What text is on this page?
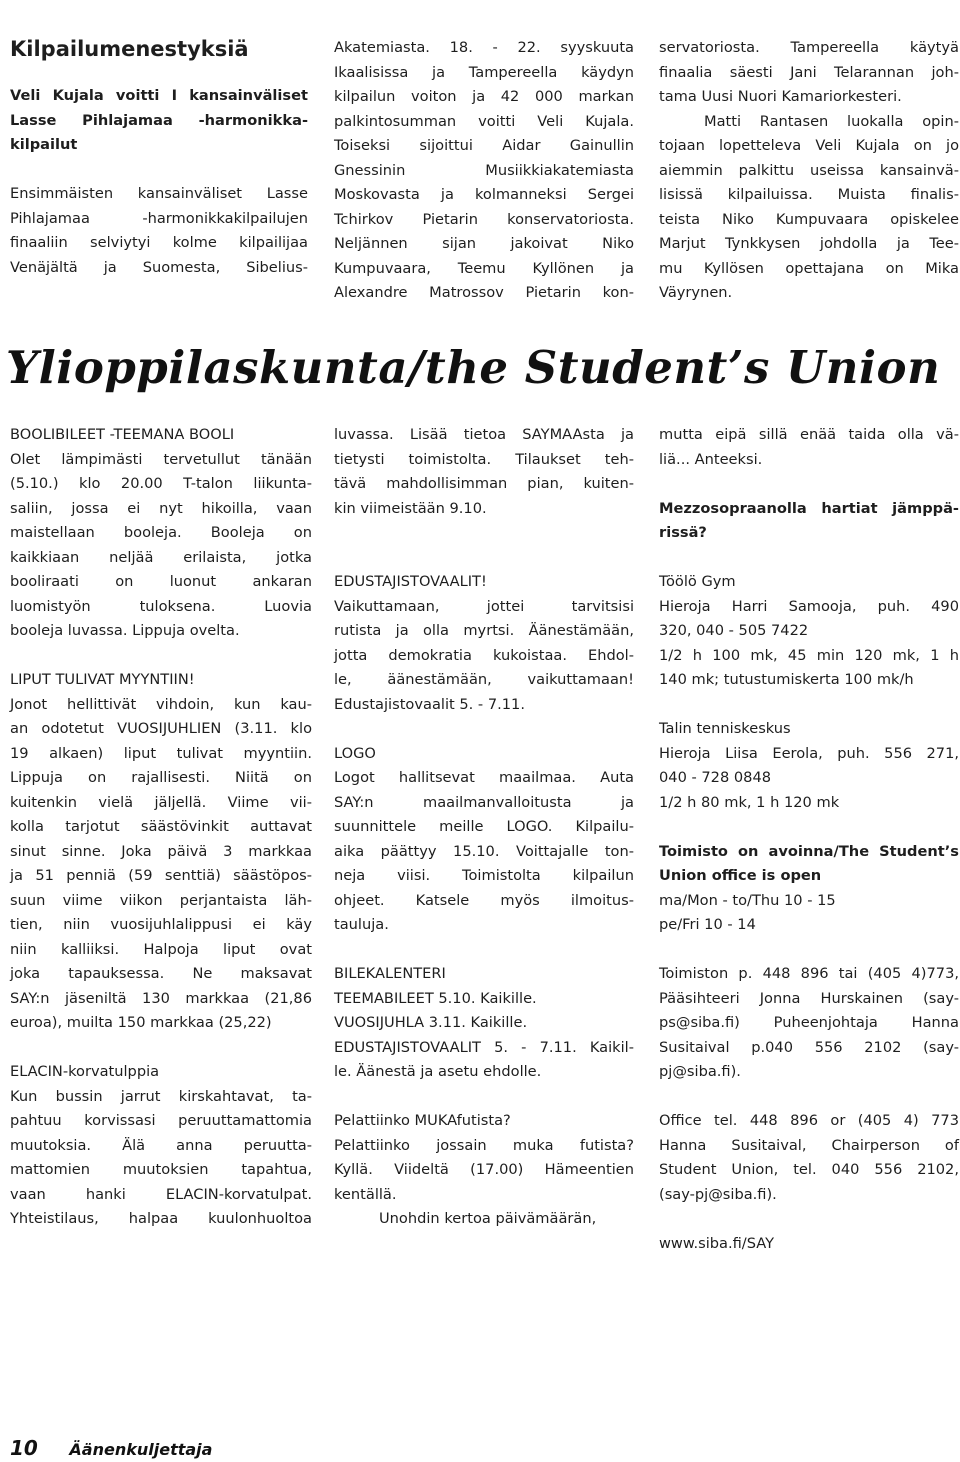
Kilpailumenestyksiä

Veli Kujala voitti I kansainväliset

Lasse Pihlajamaa -harmonikka-

kilpailut

Ensimmäisten kansainväliset Lasse

Pihlajamaa -harmonikkakilpailujen

finaaliin selviytyi kolme kilpailijaa

Venäjältä ja Suomesta, Sibelius-

Akatemiasta. 18. - 22. syyskuuta

Ikaalisissa ja Tampereella käydyn

kilpailun voiton ja 42 000 markan

palkintosumman voitti Veli Kujala.

Toiseksi sijoittui Aidar Gainullin

Gnessinin Musiikkiakatemiasta

Moskovasta ja kolmanneksi Sergei

Tchirkov Pietarin konservatoriosta.

Neljännen sijan jakoivat Niko

Kumpuvaara, Teemu Kyllönen ja

Alexandre Matrossov Pietarin kon-

servatoriosta. Tampereella käytyä

finaalia säesti Jani Telarannan joh-

tama Uusi Nuori Kamariorkesteri.

Matti Rantasen luokalla opin-

tojaan lopetteleva Veli Kujala on jo

aiemmin palkittu useissa kansainvä-

lisissä kilpailuissa. Muista finalis-

teista Niko Kumpuvaara opiskelee

Marjut Tynkkysen johdolla ja Tee-

mu Kyllösen opettajana on Mika

Väyrynen.

Ylioppilaskunta/the Student’s Union

BOOLIBILEET -TEEMANA BOOLI

Olet lämpimästi tervetullut tänään

(5.10.) klo 20.00 T-talon liikunta-

saliin, jossa ei nyt hikoilla, vaan

maistellaan booleja. Booleja on

kaikkiaan neljää erilaista, jotka

booliraati on luonut ankaran

luomistyön tuloksena. Luovia

booleja luvassa. Lippuja ovelta.

LIPUT TULIVAT MYYNTIIN!

Jonot hellittivät vihdoin, kun kau-

an odotetut VUOSIJUHLIEN (3.11. klo

19 alkaen) liput tulivat myyntiin.

Lippuja on rajallisesti. Niitä on

kuitenkin vielä jäljellä. Viime vii-

kolla tarjotut säästövinkit auttavat

sinut sinne. Joka päivä 3 markkaa

ja 51 penniä (59 senttiä) säästöpos-

suun viime viikon perjantaista läh-

tien, niin vuosijuhlalippusi ei käy

niin kalliiksi. Halpoja liput ovat

joka tapauksessa. Ne maksavat

SAY:n jäseniltä 130 markkaa (21,86

euroa), muilta 150 markkaa (25,22)

ELACIN-korvatulppia

Kun bussin jarrut kirskahtavat, ta-

pahtuu korvissasi peruuttamattomia

muutoksia. Älä anna peruutta-

mattomien muutoksien tapahtua,

vaan hanki ELACIN-korvatulpat.

Yhteistilaus, halpaa kuulonhuoltoa

luvassa. Lisää tietoa SAYMAAsta ja

tietysti toimistolta. Tilaukset teh-

tävä mahdollisimman pian, kuiten-

kin viimeistään 9.10.

EDUSTAJISTOVAALIT!

Vaikuttamaan, jottei tarvitsisi

rutista ja olla myrtsi. Äänestämään,

jotta demokratia kukoistaa. Ehdol-

le, äänestämään, vaikuttamaan!

Edustajistovaalit 5. - 7.11.

LOGO

Logot hallitsevat maailmaa. Auta

SAY:n maailmanvalloitusta ja

suunnittele meille LOGO. Kilpailu-

aika päättyy 15.10. Voittajalle ton-

neja viisi. Toimistolta kilpailun

ohjeet. Katsele myös ilmoitus-

tauluja.

BILEKALENTERI

TEEMABILEET 5.10. Kaikille.

VUOSIJUHLA 3.11. Kaikille.

EDUSTAJISTOVAALIT 5. - 7.11. Kaikil-

le. Äänestä ja asetu ehdolle.

Pelattiinko MUKAfutista?

Pelattiinko jossain muka futista?

Kyllä. Viideltä (17.00) Hämeentien

kentällä.

Unohdin kertoa päivämäärän,

mutta eipä sillä enää taida olla vä-

liä... Anteeksi.

Mezzosopraanolla hartiat jämppä-

rissä?

Töölö Gym

Hieroja Harri Samooja, puh. 490

320, 040 - 505 7422

1/2 h 100 mk, 45 min 120 mk, 1 h

140 mk; tutustumiskerta 100 mk/h

Talin tenniskeskus

Hieroja Liisa Eerola, puh. 556 271,

040 - 728 0848

1/2 h 80 mk, 1 h 120 mk

Toimisto on avoinna/The Student’s

Union office is open

ma/Mon - to/Thu 10 - 15

pe/Fri 10 - 14

Toimiston p. 448 896 tai (405 4)773,

Pääsihteeri Jonna Hurskainen (say-

ps@siba.fi) Puheenjohtaja Hanna

Susitaival p.040 556 2102 (say-

pj@siba.fi).

Office tel. 448 896 or (405 4) 773

Hanna Susitaival, Chairperson of

Student Union, tel. 040 556 2102,

(say-pj@siba.fi).

www.siba.fi/SAY

10 Äänenkuljettaja
